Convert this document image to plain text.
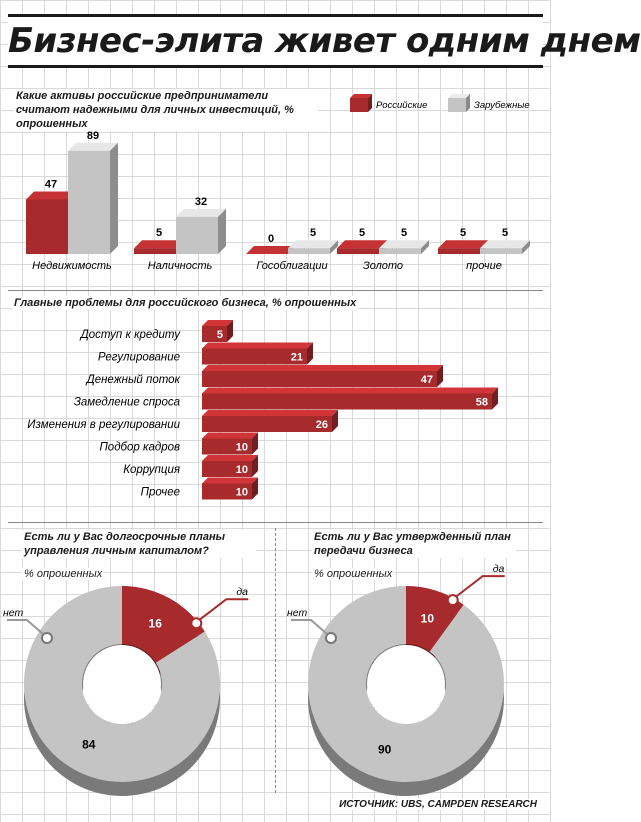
Бизнес-элита живет одним днем
Какие активы российские предприниматели считают надежными для личных инвестиций, % опрошенных
Российские	Зарубежные
47
89
Недвижимость
5
32
Наличность
0	5
Гособлигации
5	5
Золото
5	5
прочие
Главные проблемы для российского бизнеса, % опрошенных
5
Доступ к кредиту
21
Регулирование
47
Денежный поток
58
Замедление спроса
26
Изменения в регулировании
10
Подбор кадров
10
Коррупция
10
Прочее
Есть ли у Вас долгосрочные планы управления личным капиталом?
% опрошенных
Есть ли у Вас утвержденный план передачи бизнеса
% опрошенных
16
84
да
нет	10
90
да
нет
ИСТОЧНИК: UBS, CAMPDEN RESEARCH
